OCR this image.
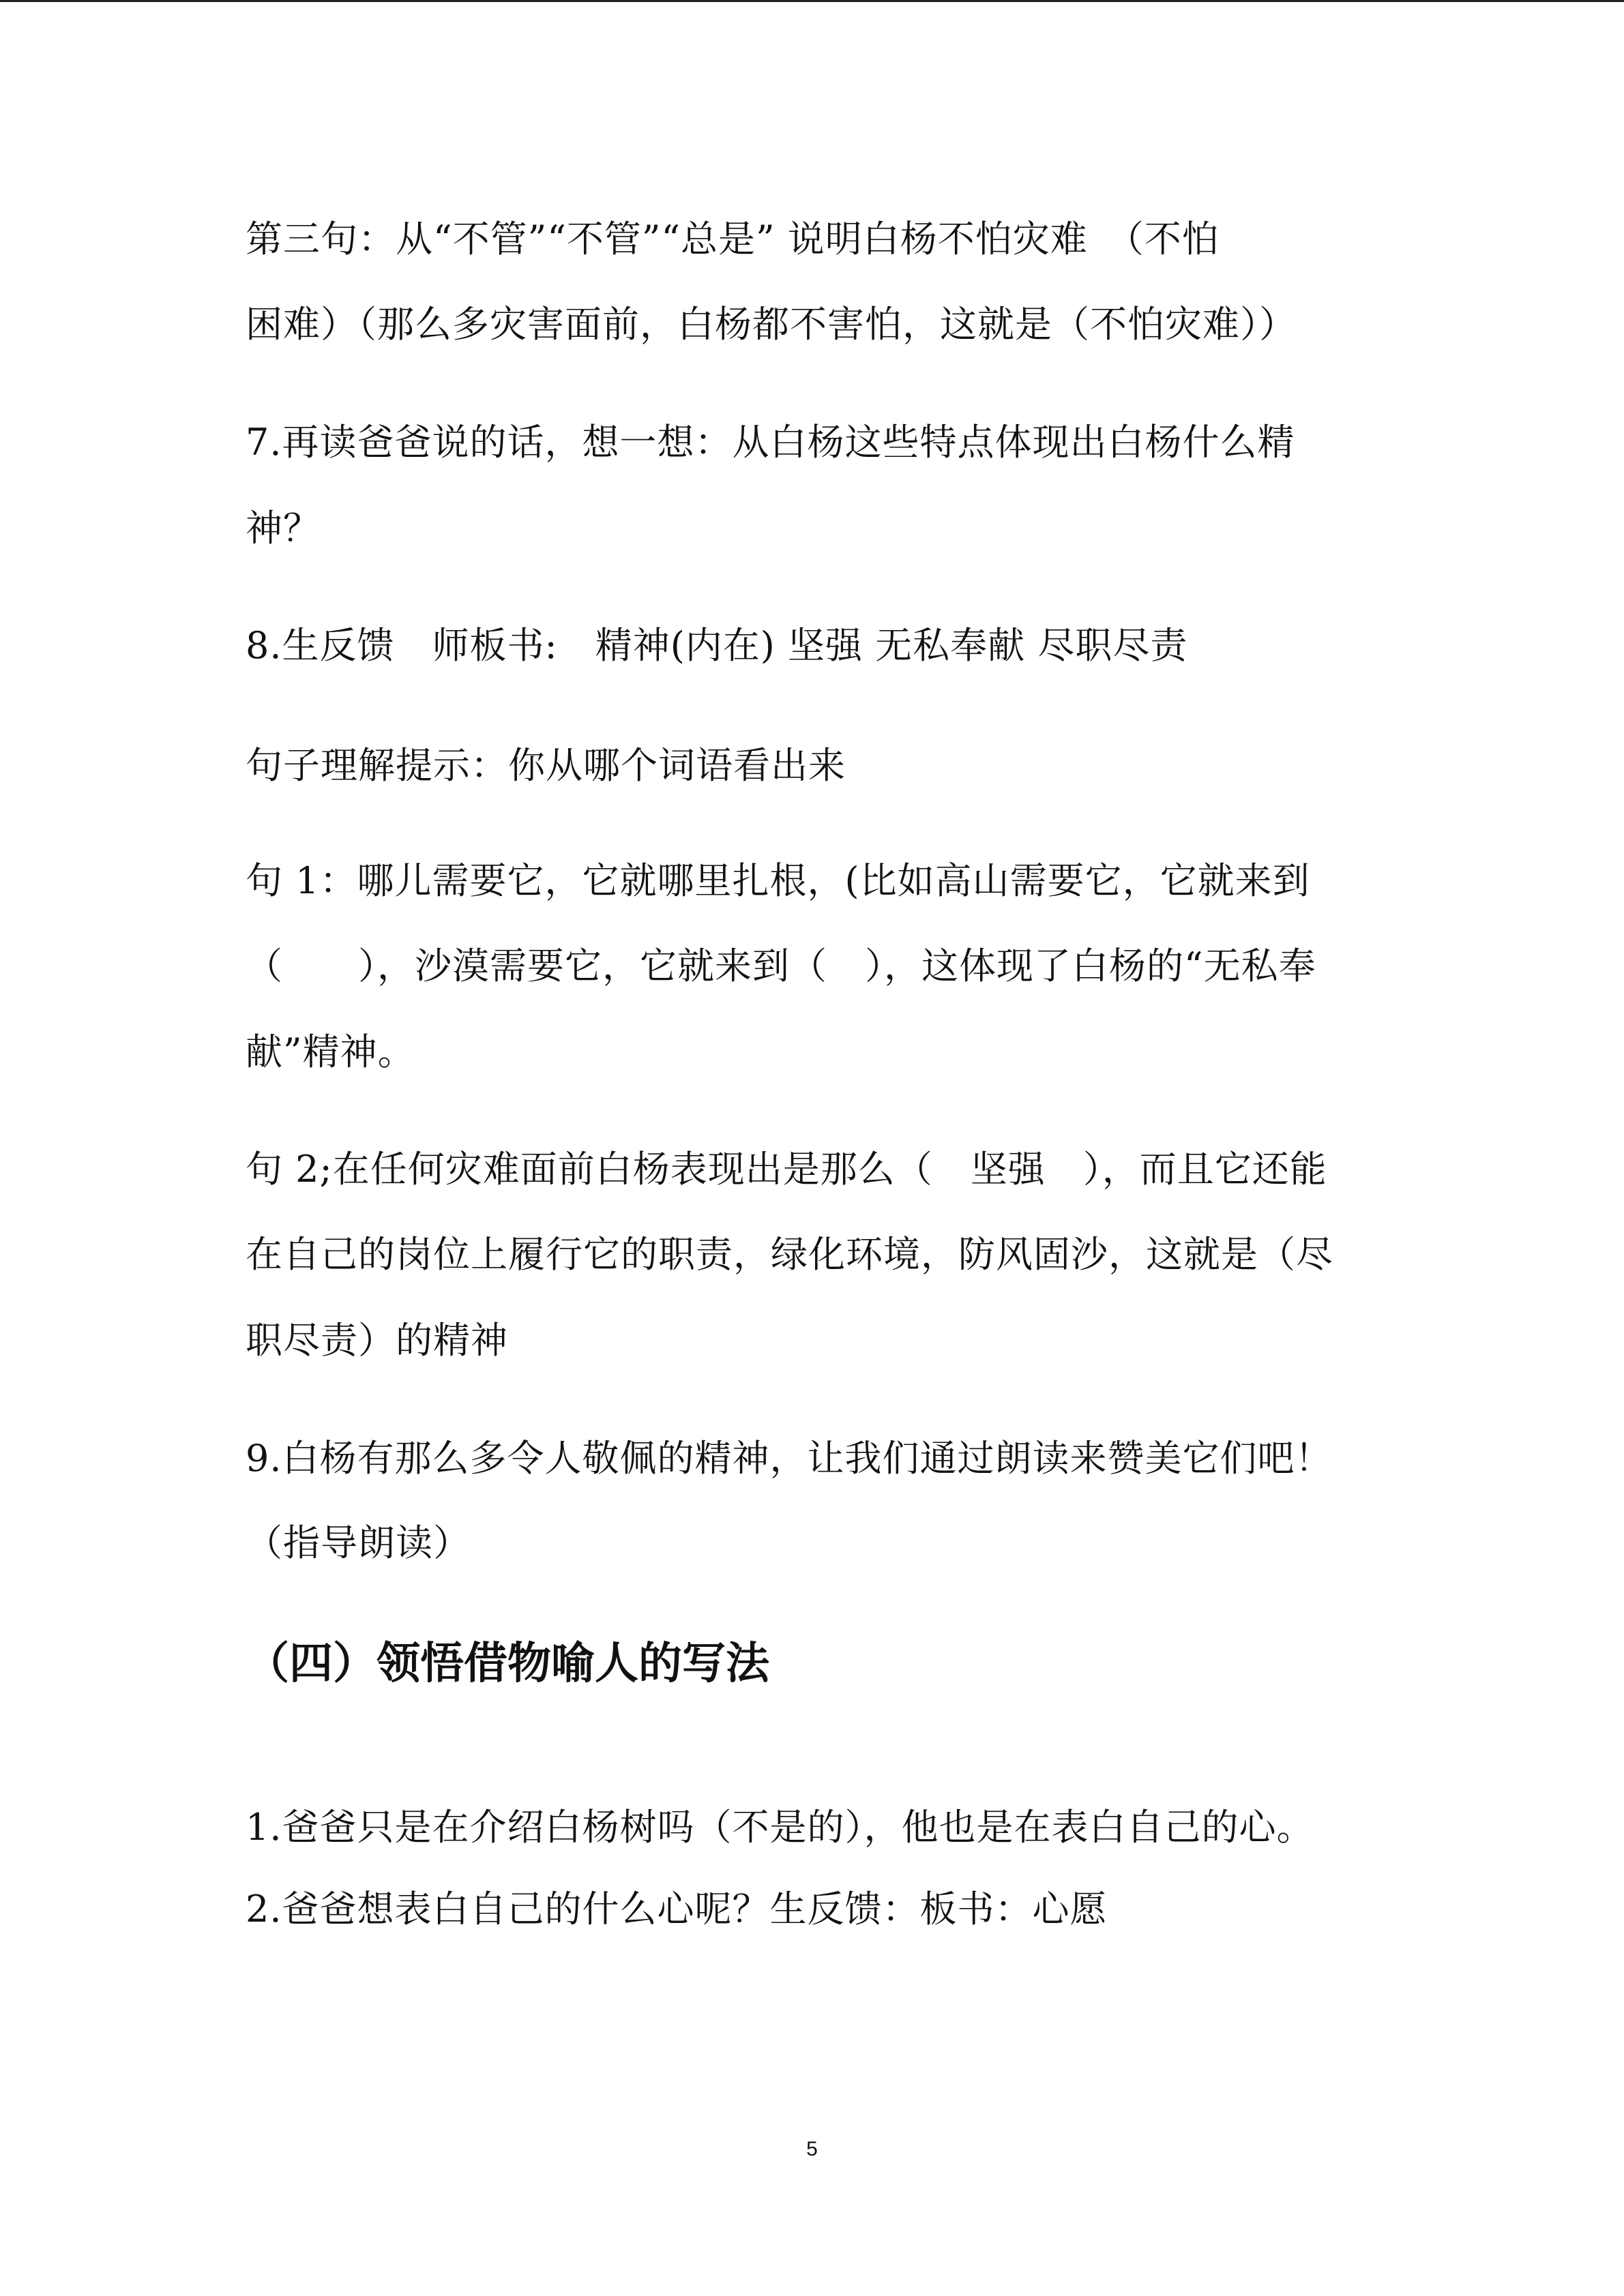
第三句：从“不管”“不管”“总是” 说明白杨不怕灾难　（不怕
困难）（那么多灾害面前，白杨都不害怕，这就是（不怕灾难））
7.再读爸爸说的话，想一想：从白杨这些特点体现出白杨什么精
神？
8.生反馈　师板书:　精神(内在) 坚强 无私奉献 尽职尽责
句子理解提示：你从哪个词语看出来
句 1：哪儿需要它，它就哪里扎根，(比如高山需要它，它就来到
（　　），沙漠需要它，它就来到（　），这体现了白杨的“无私奉
献”精神。
句 2;在任何灾难面前白杨表现出是那么（　坚强　），而且它还能
在自己的岗位上履行它的职责，绿化环境，防风固沙，这就是（尽
职尽责）的精神
9.白杨有那么多令人敬佩的精神，让我们通过朗读来赞美它们吧！
（指导朗读）
（四）领悟借物喻人的写法
1.爸爸只是在介绍白杨树吗（不是的），他也是在表白自己的心。
2.爸爸想表白自己的什么心呢？生反馈：板书：心愿
5
